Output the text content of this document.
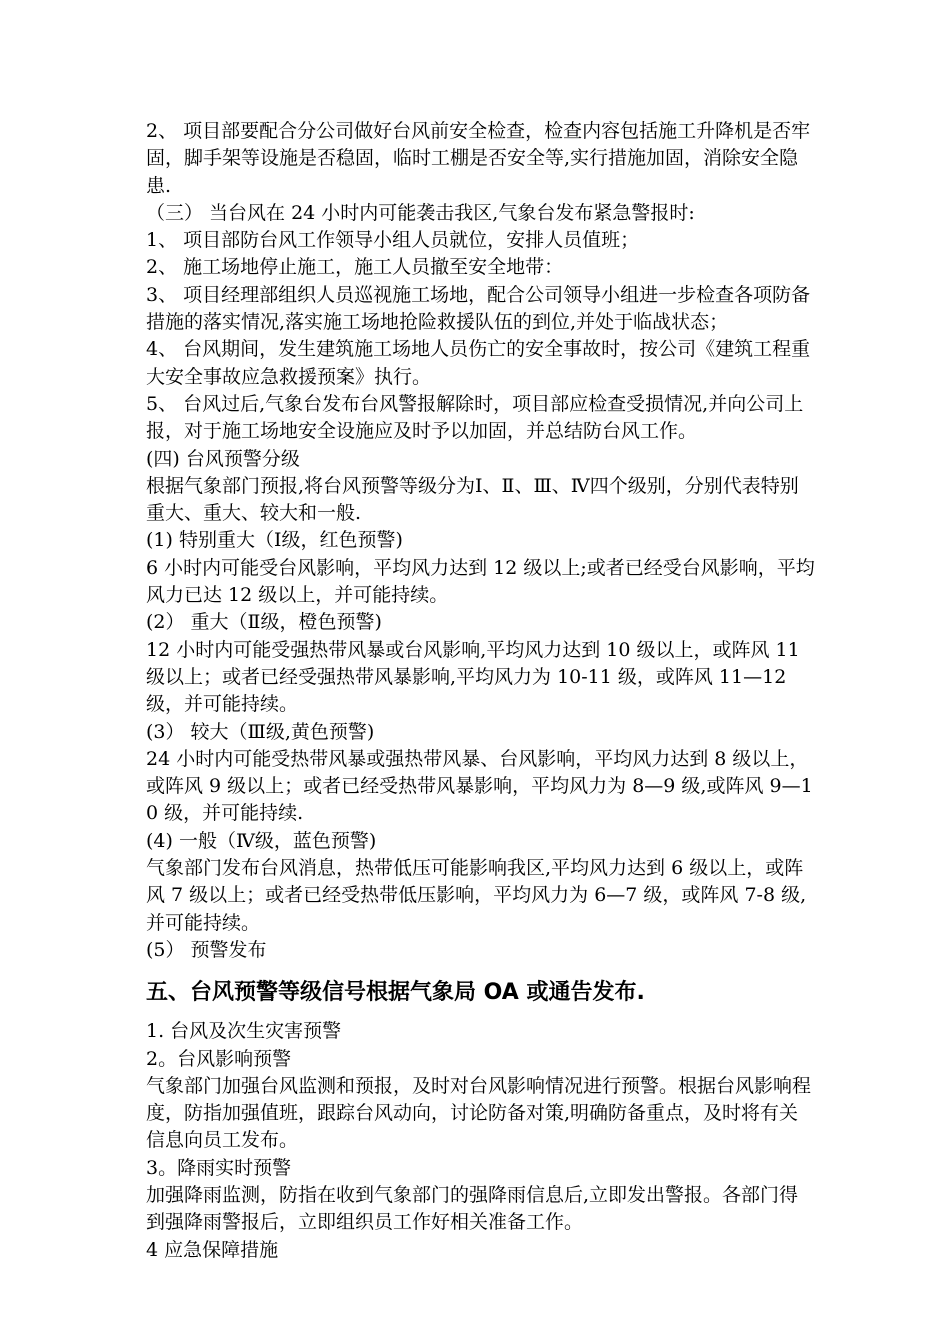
2、 项目部要配合分公司做好台风前安全检查，检查内容包括施工升降机是否牢固，脚手架等设施是否稳固，临时工棚是否安全等,实行措施加固，消除安全隐患.

（三） 当台风在 24 小时内可能袭击我区,气象台发布紧急警报时:

1、 项目部防台风工作领导小组人员就位，安排人员值班；

2、 施工场地停止施工，施工人员撤至安全地带：

3、 项目经理部组织人员巡视施工场地，配合公司领导小组进一步检查各项防备措施的落实情况,落实施工场地抢险救援队伍的到位,并处于临战状态；

4、 台风期间，发生建筑施工场地人员伤亡的安全事故时，按公司《建筑工程重大安全事故应急救援预案》执行。

5、 台风过后,气象台发布台风警报解除时，项目部应检查受损情况,并向公司上报，对于施工场地安全设施应及时予以加固，并总结防台风工作。

(四) 台风预警分级

根据气象部门预报,将台风预警等级分为Ⅰ、Ⅱ、Ⅲ、Ⅳ四个级别，分别代表特别重大、重大、较大和一般.

(1) 特别重大（Ⅰ级，红色预警)

6 小时内可能受台风影响，平均风力达到 12 级以上;或者已经受台风影响，平均风力已达 12 级以上，并可能持续。

(2） 重大（Ⅱ级，橙色预警)

12 小时内可能受强热带风暴或台风影响,平均风力达到 10 级以上，或阵风 11 级以上；或者已经受强热带风暴影响,平均风力为 10-11 级，或阵风 11—12 级，并可能持续。

(3） 较大（Ⅲ级,黄色预警)

24 小时内可能受热带风暴或强热带风暴、台风影响，平均风力达到 8 级以上，或阵风 9 级以上；或者已经受热带风暴影响，平均风力为 8—9 级,或阵风 9—10 级，并可能持续.

(4) 一般（Ⅳ级，蓝色预警)

气象部门发布台风消息，热带低压可能影响我区,平均风力达到 6 级以上，或阵风 7 级以上；或者已经受热带低压影响，平均风力为 6—7 级，或阵风 7-8 级,并可能持续。

(5） 预警发布

五、台风预警等级信号根据气象局 OA 或通告发布.

1. 台风及次生灾害预警

2。台风影响预警

气象部门加强台风监测和预报，及时对台风影响情况进行预警。根据台风影响程度，防指加强值班，跟踪台风动向，讨论防备对策,明确防备重点，及时将有关信息向员工发布。

3。降雨实时预警

加强降雨监测，防指在收到气象部门的强降雨信息后,立即发出警报。各部门得到强降雨警报后，立即组织员工作好相关准备工作。

4 应急保障措施
